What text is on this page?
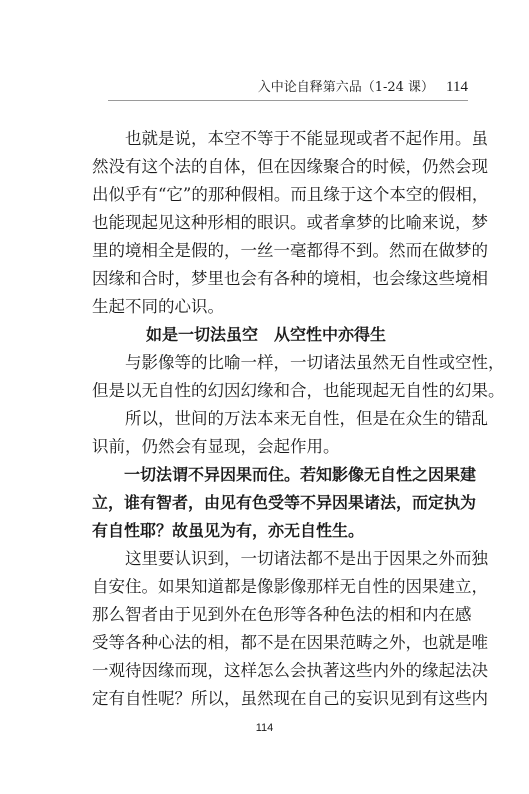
入中论自释第六品（1-24 课） 114
　　也就是说，本空不等于不能显现或者不起作用。虽
然没有这个法的自体，但在因缘聚合的时候，仍然会现
出似乎有“它”的那种假相。而且缘于这个本空的假相，
也能现起见这种形相的眼识。或者拿梦的比喻来说，梦
里的境相全是假的，一丝一毫都得不到。然而在做梦的
因缘和合时，梦里也会有各种的境相，也会缘这些境相
生起不同的心识。
如是一切法虽空　从空性中亦得生
　　与影像等的比喻一样，一切诸法虽然无自性或空性，
但是以无自性的幻因幻缘和合，也能现起无自性的幻果。
　　所以，世间的万法本来无自性，但是在众生的错乱
识前，仍然会有显现，会起作用。
　　一切法谓不异因果而住。若知影像无自性之因果建
立，谁有智者，由见有色受等不异因果诸法，而定执为
有自性耶？故虽见为有，亦无自性生。
　　这里要认识到，一切诸法都不是出于因果之外而独
自安住。如果知道都是像影像那样无自性的因果建立，
那么智者由于见到外在色形等各种色法的相和内在感
受等各种心法的相，都不是在因果范畴之外，也就是唯
一观待因缘而现，这样怎么会执著这些内外的缘起法决
定有自性呢？所以，虽然现在自己的妄识见到有这些内
114
